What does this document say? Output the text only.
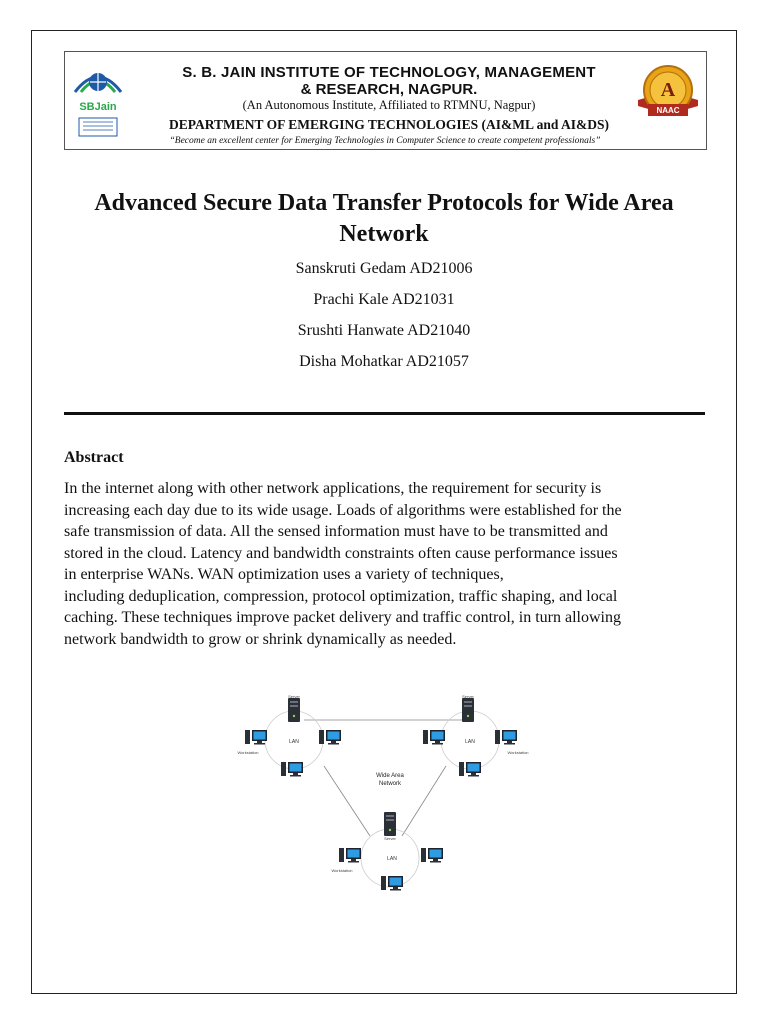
SBJain
S. B. JAIN INSTITUTE OF TECHNOLOGY, MANAGEMENT
& RESEARCH, NAGPUR.
(An Autonomous Institute, Affiliated to RTMNU, Nagpur)
DEPARTMENT OF EMERGING TECHNOLOGIES (AI&ML and AI&DS)
“Become an excellent center for Emerging Technologies in Computer Science to create competent professionals”
A
NAAC
Advanced Secure Data Transfer Protocols for Wide Area
Network
Sanskruti Gedam AD21006
Prachi Kale AD21031
Srushti Hanwate AD21040
Disha Mohatkar AD21057
Abstract
In the internet along with other network applications, the requirement for security is
increasing each day due to its wide usage. Loads of algorithms were established for the
safe transmission of data. All the sensed information must have to be transmitted and
stored in the cloud. Latency and bandwidth constraints often cause performance issues
in enterprise WANs. WAN optimization uses a variety of techniques,
including deduplication, compression, protocol optimization, traffic shaping, and local
caching. These techniques improve packet delivery and traffic control, in turn allowing
network bandwidth to grow or shrink dynamically as needed.
Server
LAN
Workstation
Server
LAN
Workstation
Wide Area
Network
Server
LAN
Workstation
